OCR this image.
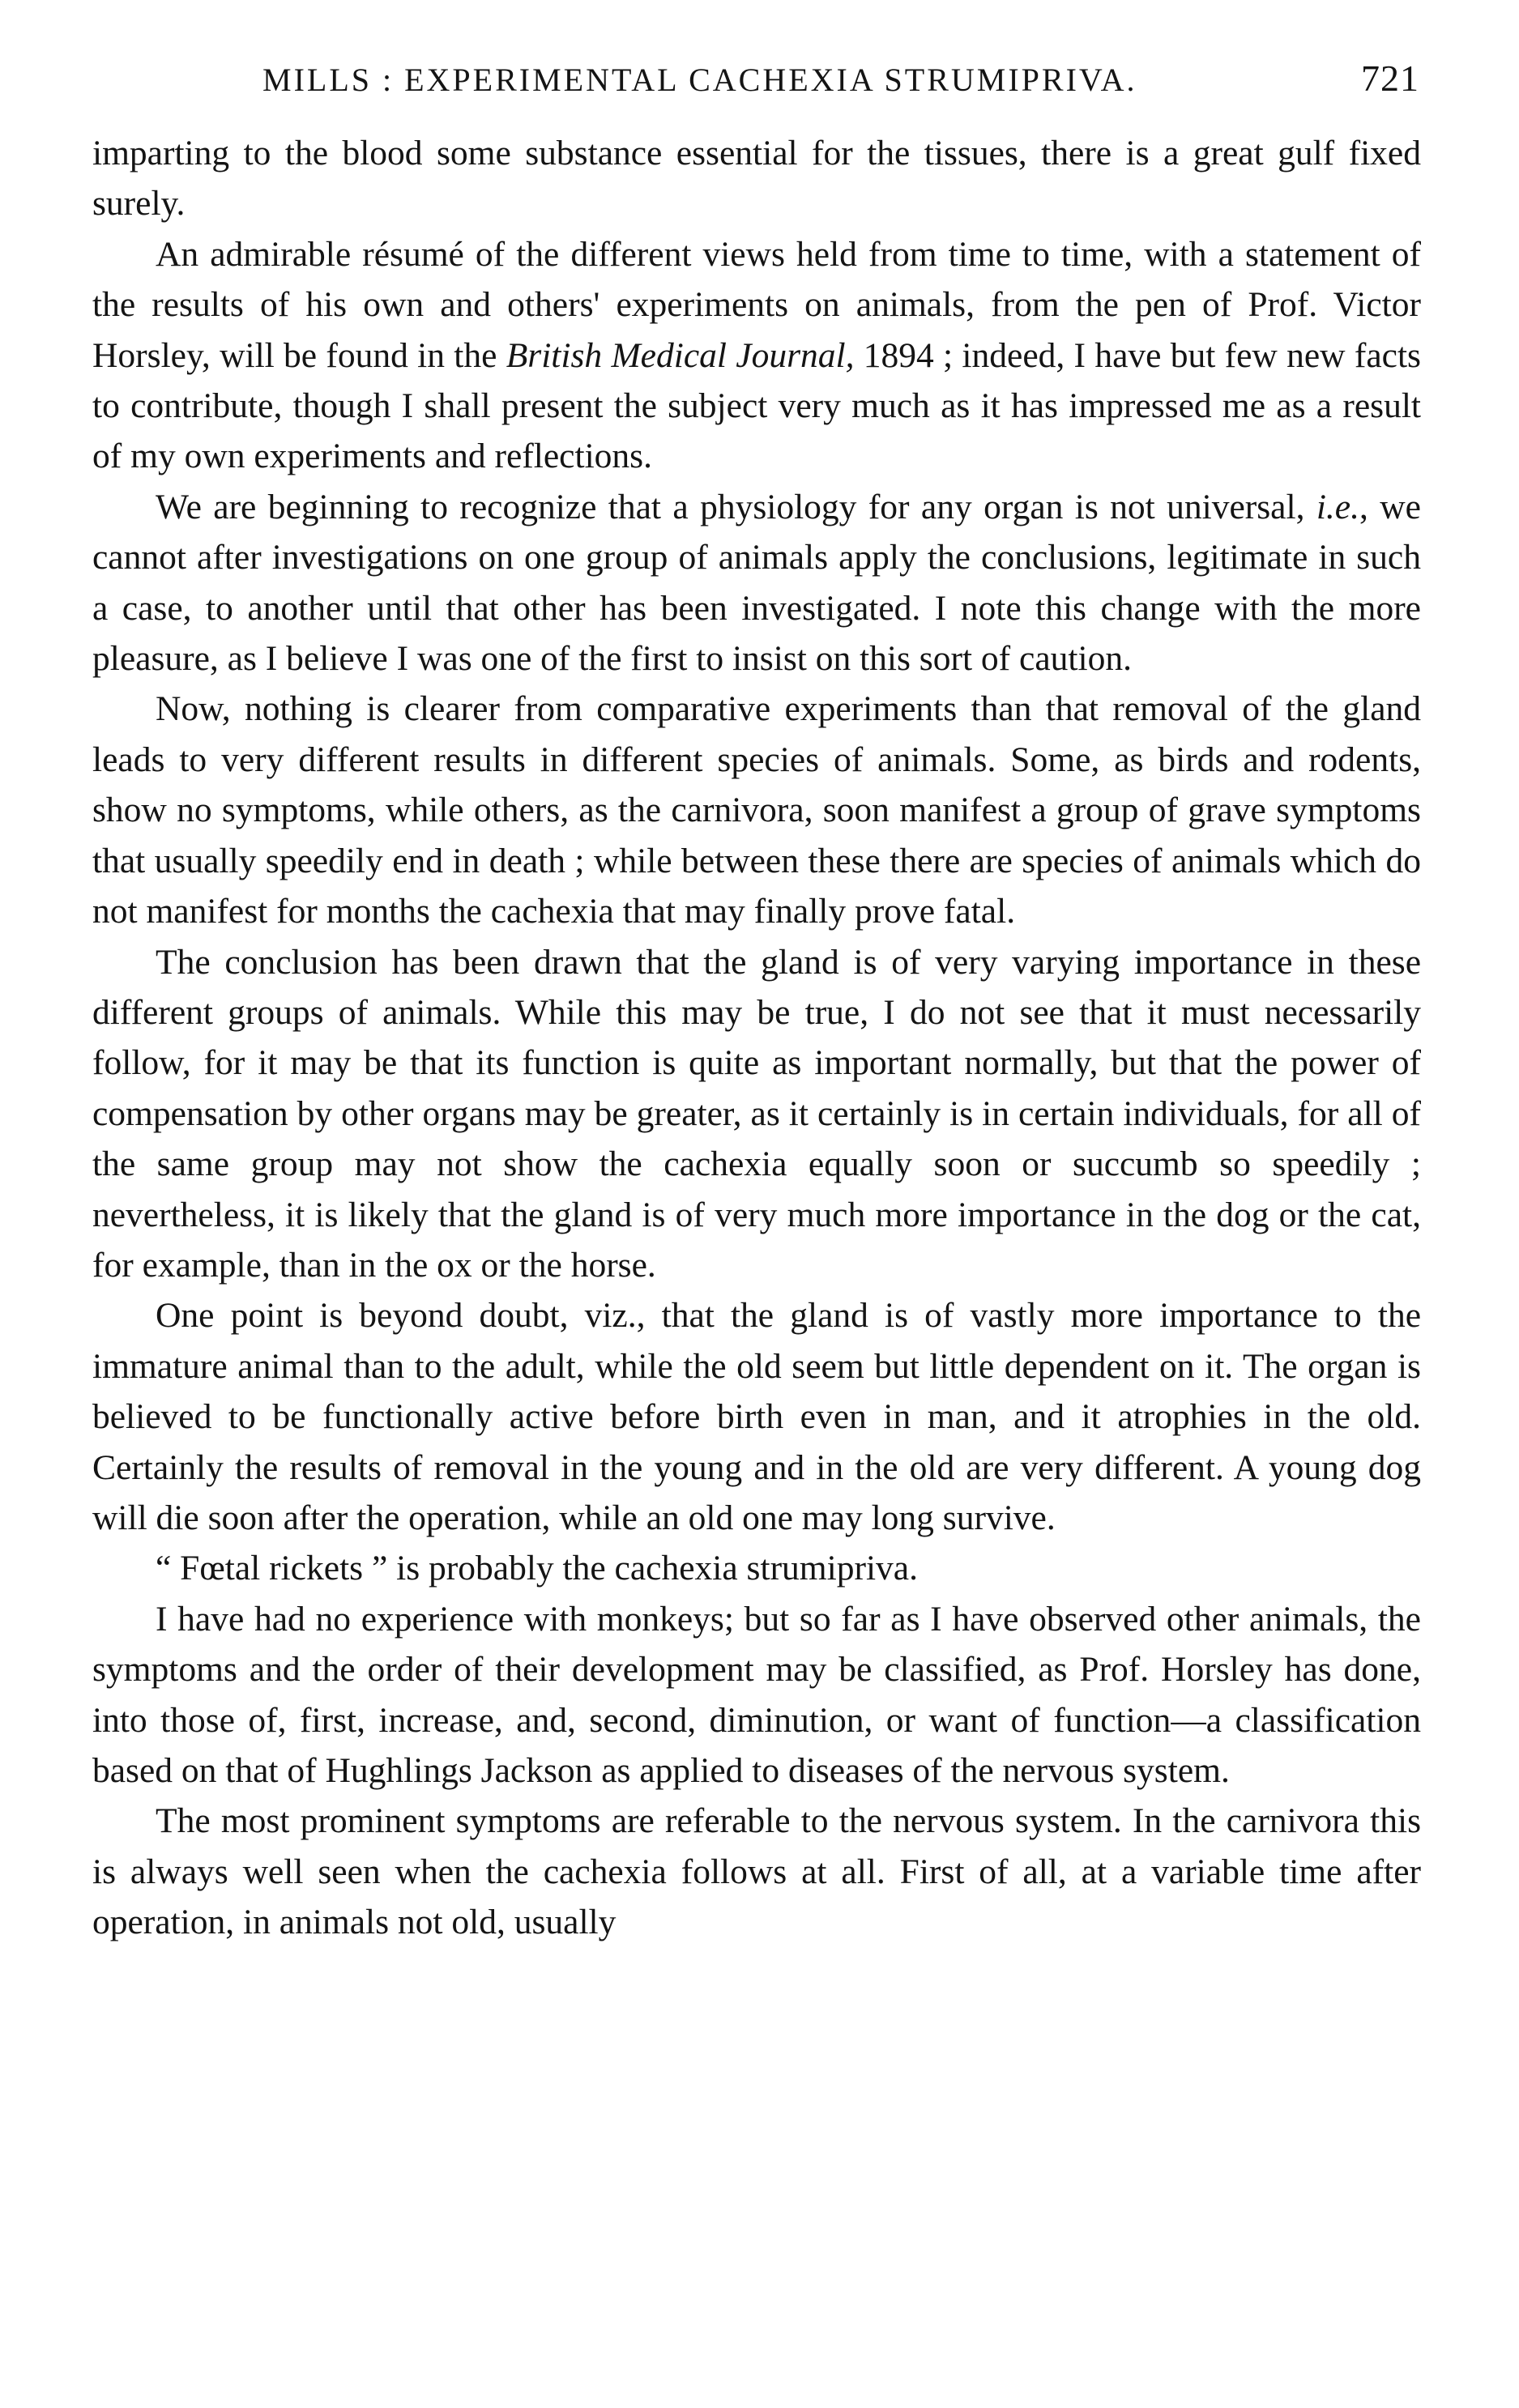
MILLS : EXPERIMENTAL CACHEXIA STRUMIPRIVA.	721

imparting to the blood some substance essential for the tissues, there is a great gulf fixed surely.

An admirable résumé of the different views held from time to time, with a statement of the results of his own and others' experiments on animals, from the pen of Prof. Victor Horsley, will be found in the British Medical Journal, 1894 ; indeed, I have but few new facts to contribute, though I shall present the subject very much as it has impressed me as a result of my own experiments and reflections.

We are beginning to recognize that a physiology for any organ is not universal, i.e., we cannot after investigations on one group of animals apply the conclusions, legitimate in such a case, to another until that other has been investigated. I note this change with the more pleasure, as I believe I was one of the first to insist on this sort of caution.

Now, nothing is clearer from comparative experiments than that removal of the gland leads to very different results in different species of animals. Some, as birds and rodents, show no symptoms, while others, as the carnivora, soon manifest a group of grave symptoms that usually speedily end in death ; while between these there are species of animals which do not manifest for months the cachexia that may finally prove fatal.

The conclusion has been drawn that the gland is of very varying importance in these different groups of animals. While this may be true, I do not see that it must necessarily follow, for it may be that its function is quite as important normally, but that the power of compensation by other organs may be greater, as it certainly is in certain individuals, for all of the same group may not show the cachexia equally soon or succumb so speedily ; nevertheless, it is likely that the gland is of very much more importance in the dog or the cat, for example, than in the ox or the horse.

One point is beyond doubt, viz., that the gland is of vastly more importance to the immature animal than to the adult, while the old seem but little dependent on it. The organ is believed to be functionally active before birth even in man, and it atrophies in the old. Certainly the results of removal in the young and in the old are very different. A young dog will die soon after the operation, while an old one may long survive.

“ Fœtal rickets ” is probably the cachexia strumipriva.

I have had no experience with monkeys; but so far as I have observed other animals, the symptoms and the order of their development may be classified, as Prof. Horsley has done, into those of, first, increase, and, second, diminution, or want of function—a classification based on that of Hughlings Jackson as applied to diseases of the nervous system.

The most prominent symptoms are referable to the nervous system. In the carnivora this is always well seen when the cachexia follows at all. First of all, at a variable time after operation, in animals not old, usually
